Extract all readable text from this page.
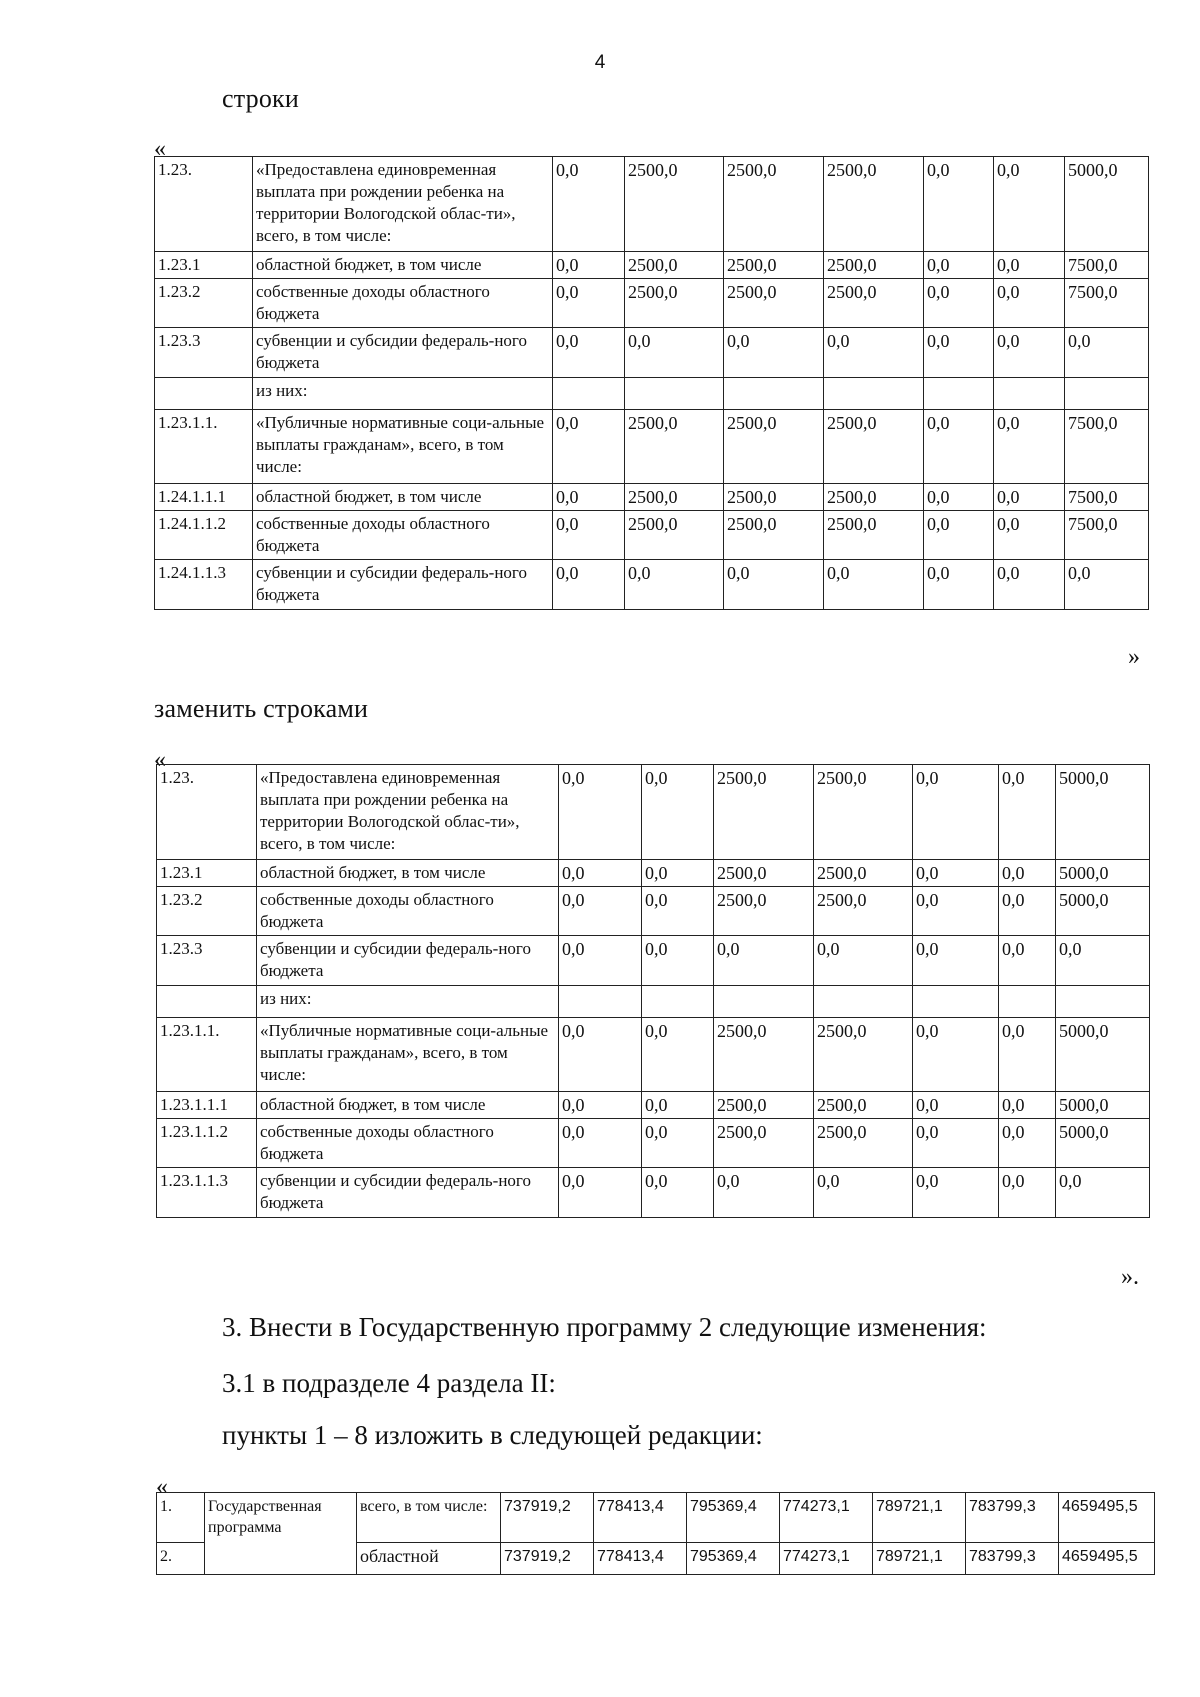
4
строки
«
1.23.	«Предоставлена единовременная выплата при рождении ребенка на территории Вологодской облас-ти», всего, в том числе:	0,0	2500,0	2500,0	2500,0	0,0	0,0	5000,0
1.23.1	областной бюджет, в том числе	0,0	2500,0	2500,0	2500,0	0,0	0,0	7500,0
1.23.2	собственные доходы областного бюджета	0,0	2500,0	2500,0	2500,0	0,0	0,0	7500,0
1.23.3	субвенции и субсидии федераль-ного бюджета	0,0	0,0	0,0	0,0	0,0	0,0	0,0
	из них:							
1.23.1.1.	«Публичные нормативные соци-альные выплаты гражданам», всего, в том числе:	0,0	2500,0	2500,0	2500,0	0,0	0,0	7500,0
1.24.1.1.1	областной бюджет, в том числе	0,0	2500,0	2500,0	2500,0	0,0	0,0	7500,0
1.24.1.1.2	собственные доходы областного бюджета	0,0	2500,0	2500,0	2500,0	0,0	0,0	7500,0
1.24.1.1.3	субвенции и субсидии федераль-ного бюджета	0,0	0,0	0,0	0,0	0,0	0,0	0,0
»
заменить строками
«
1.23.	«Предоставлена единовременная выплата при рождении ребенка на территории Вологодской облас-ти», всего, в том числе:	0,0	0,0	2500,0	2500,0	0,0	0,0	5000,0
1.23.1	областной бюджет, в том числе	0,0	0,0	2500,0	2500,0	0,0	0,0	5000,0
1.23.2	собственные доходы областного бюджета	0,0	0,0	2500,0	2500,0	0,0	0,0	5000,0
1.23.3	субвенции и субсидии федераль-ного бюджета	0,0	0,0	0,0	0,0	0,0	0,0	0,0
	из них:							
1.23.1.1.	«Публичные нормативные соци-альные выплаты гражданам», всего, в том числе:	0,0	0,0	2500,0	2500,0	0,0	0,0	5000,0
1.23.1.1.1	областной бюджет, в том числе	0,0	0,0	2500,0	2500,0	0,0	0,0	5000,0
1.23.1.1.2	собственные доходы областного бюджета	0,0	0,0	2500,0	2500,0	0,0	0,0	5000,0
1.23.1.1.3	субвенции и субсидии федераль-ного бюджета	0,0	0,0	0,0	0,0	0,0	0,0	0,0
».
3. Внести в Государственную программу 2 следующие изменения:
3.1 в подразделе 4 раздела II:
пункты 1 – 8 изложить в следующей редакции:
«
1.	Государственная программа	всего, в том числе:	737919,2	778413,4	795369,4	774273,1	789721,1	783799,3	4659495,5
2.		областной	737919,2	778413,4	795369,4	774273,1	789721,1	783799,3	4659495,5
